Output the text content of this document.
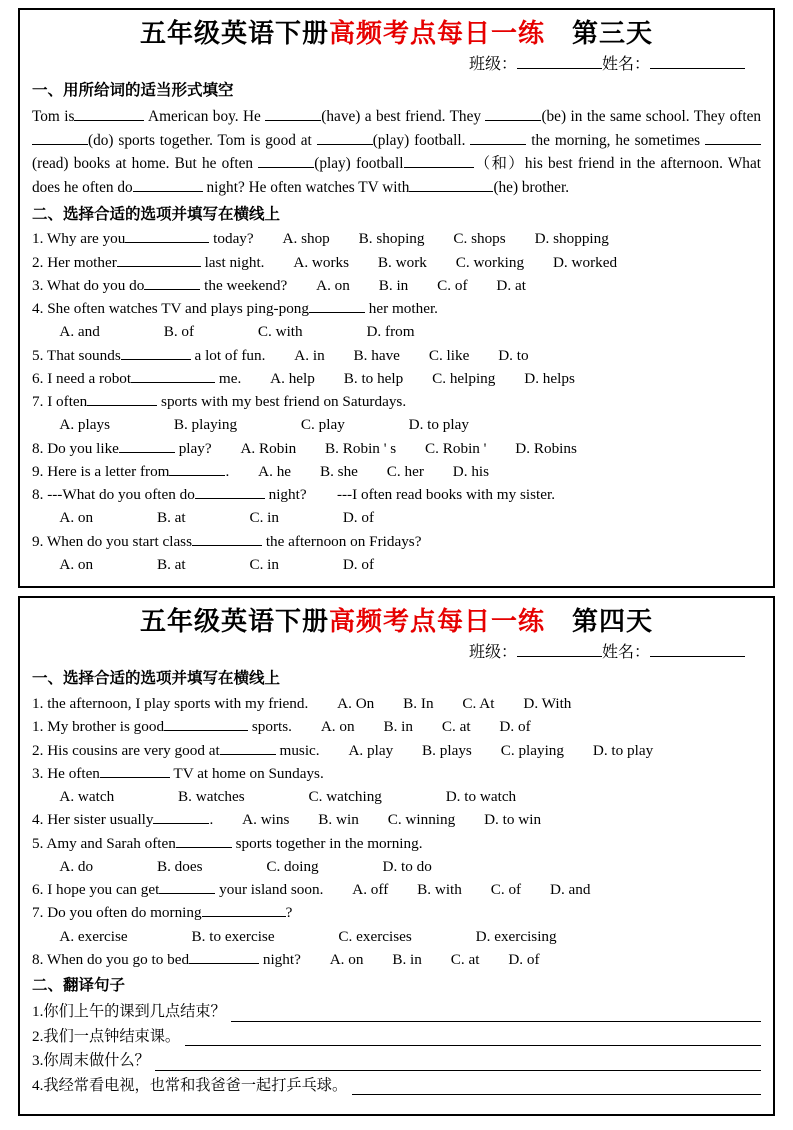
五年级英语下册高频考点每日一练　第三天
班级：	姓名：
一、用所给词的适当形式填空
Tom is	American boy. He	(have) a best friend. They	(be) in the same school. They often(do) sports together. Tom is good at	(play) football.	the morning, he sometimes  (read) books at home. But he often	(play) football	（和）his best friend in the afternoon. What does he often do	night? He often watches TV with	(he) brother.
二、选择合适的选项并填写在横线上
1. Why are you	today? A. shop B. shoping C. shops D. shopping
2. Her mother	last night. A. works B. work C. working D. worked
3. What do you do	the weekend? A. on B. in C. of D. at
4. She often watches TV and plays ping-pong	her mother.
A. and	B. of	C. with	D. from
5. That sounds	a lot of fun. A. in B. have C. like D. to
6. I need a robot	me. A. help B. to help C. helping D. helps
7. I often	sports with my best friend on Saturdays.
A. plays	B. playing	C. play	D. to play
8. Do you like	play? A. Robin B. Robin ' s C. Robin ' D. Robins
9. Here is a letter from	. A. he B. she C. her D. his
8. ---What do you often do	night?　　---I often read books with my sister.
A. on	B. at	C. in	D. of
9. When do you start class	the afternoon on Fridays?
A. on	B. at	C. in	D. of
五年级英语下册高频考点每日一练　第四天
班级：	姓名：
一、选择合适的选项并填写在横线上
1. the afternoon, I play sports with my friend. A. On B. In C. At D. With
1. My brother is good	sports. A. on B. in C. at D. of
2. His cousins are very good at	music. A. play B. plays C. playing D. to play
3. He often	TV at home on Sundays.
A. watch	B. watches	C. watching	D. to watch
4. Her sister usually	. A. wins B. win C. winning D. to win
5. Amy and Sarah often	sports together in the morning.
A. do	B. does	C. doing	D. to do
6. I hope you can get	your island soon. A. off B. with C. of D. and
7. Do you often do morning	?
A. exercise	B. to exercise	C. exercises	D. exercising
8. When do you go to bed	night? A. on B. in C. at D. of
二、翻译句子
1.你们上午的课到几点结束？
2.我们一点钟结束课。
3.你周末做什么？
4.我经常看电视，也常和我爸爸一起打乒乓球。
